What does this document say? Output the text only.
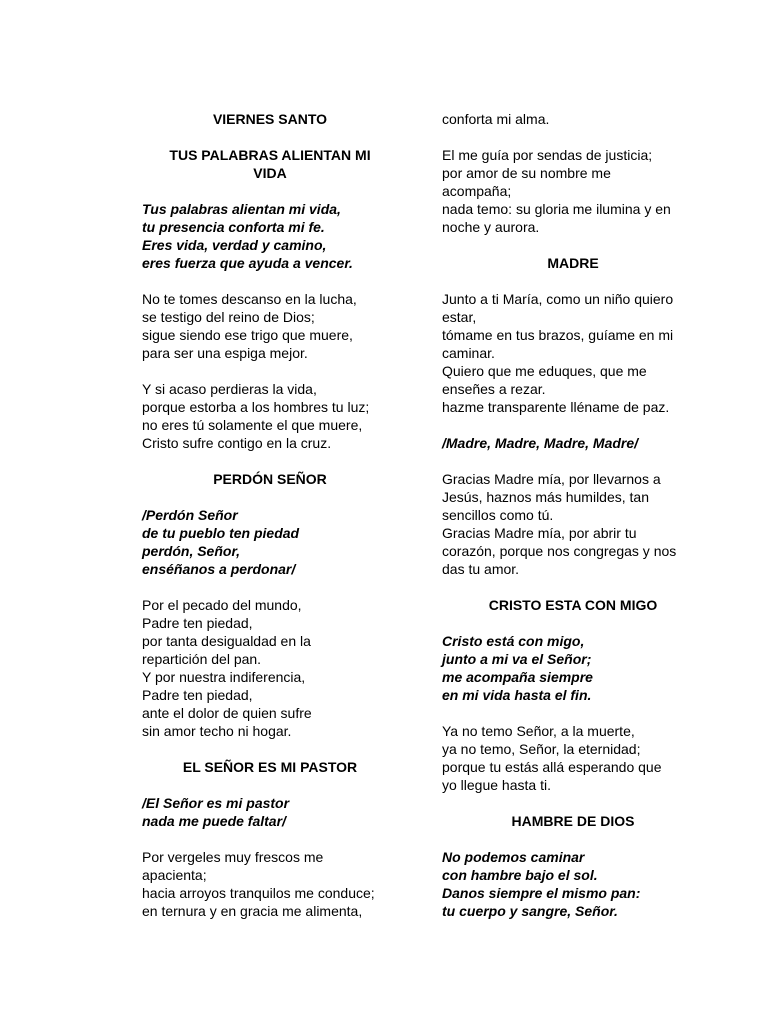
VIERNES SANTO
TUS PALABRAS ALIENTAN MI
VIDA
Tus palabras alientan mi vida,
tu presencia conforta mi fe.
Eres vida, verdad y camino,
eres fuerza que ayuda a vencer.
No te tomes descanso en la lucha,
se testigo del reino de Dios;
sigue siendo ese trigo que muere,
para ser una espiga mejor.
Y si acaso perdieras la vida,
porque estorba a los hombres tu luz;
no eres tú solamente el que muere,
Cristo sufre contigo en la cruz.
PERDÓN SEÑOR
/Perdón Señor
de tu pueblo ten piedad
perdón, Señor,
enséñanos a perdonar/
Por el pecado del mundo,
Padre ten piedad,
por tanta desigualdad en la
repartición del pan.
Y por nuestra indiferencia,
Padre ten piedad,
ante el dolor de quien sufre
sin amor techo ni hogar.
EL SEÑOR ES MI PASTOR
/El Señor es mi pastor
nada me puede faltar/
Por vergeles muy frescos me
apacienta;
hacia arroyos tranquilos me conduce;
en ternura y en gracia me alimenta,
conforta mi alma.
El me guía por sendas de justicia;
por amor de su nombre me
acompaña;
nada temo: su gloria me ilumina y en
noche y aurora.
MADRE
Junto a ti María, como un niño quiero
estar,
tómame en tus brazos, guíame en mi
caminar.
Quiero que me eduques, que me
enseñes a rezar.
hazme transparente lléname de paz.
/Madre, Madre, Madre, Madre/
Gracias Madre mía, por llevarnos a
Jesús, haznos más humildes, tan
sencillos como tú.
Gracias Madre mía, por abrir tu
corazón, porque nos congregas y nos
das tu amor.
CRISTO ESTA CON MIGO
Cristo está con migo,
junto a mi va el Señor;
me acompaña siempre
en mi vida hasta el fin.
Ya no temo Señor, a la muerte,
ya no temo, Señor, la eternidad;
porque tu estás allá esperando que
yo llegue hasta ti.
HAMBRE DE DIOS
No podemos caminar
con hambre bajo el sol.
Danos siempre el mismo pan:
tu cuerpo y sangre, Señor.
